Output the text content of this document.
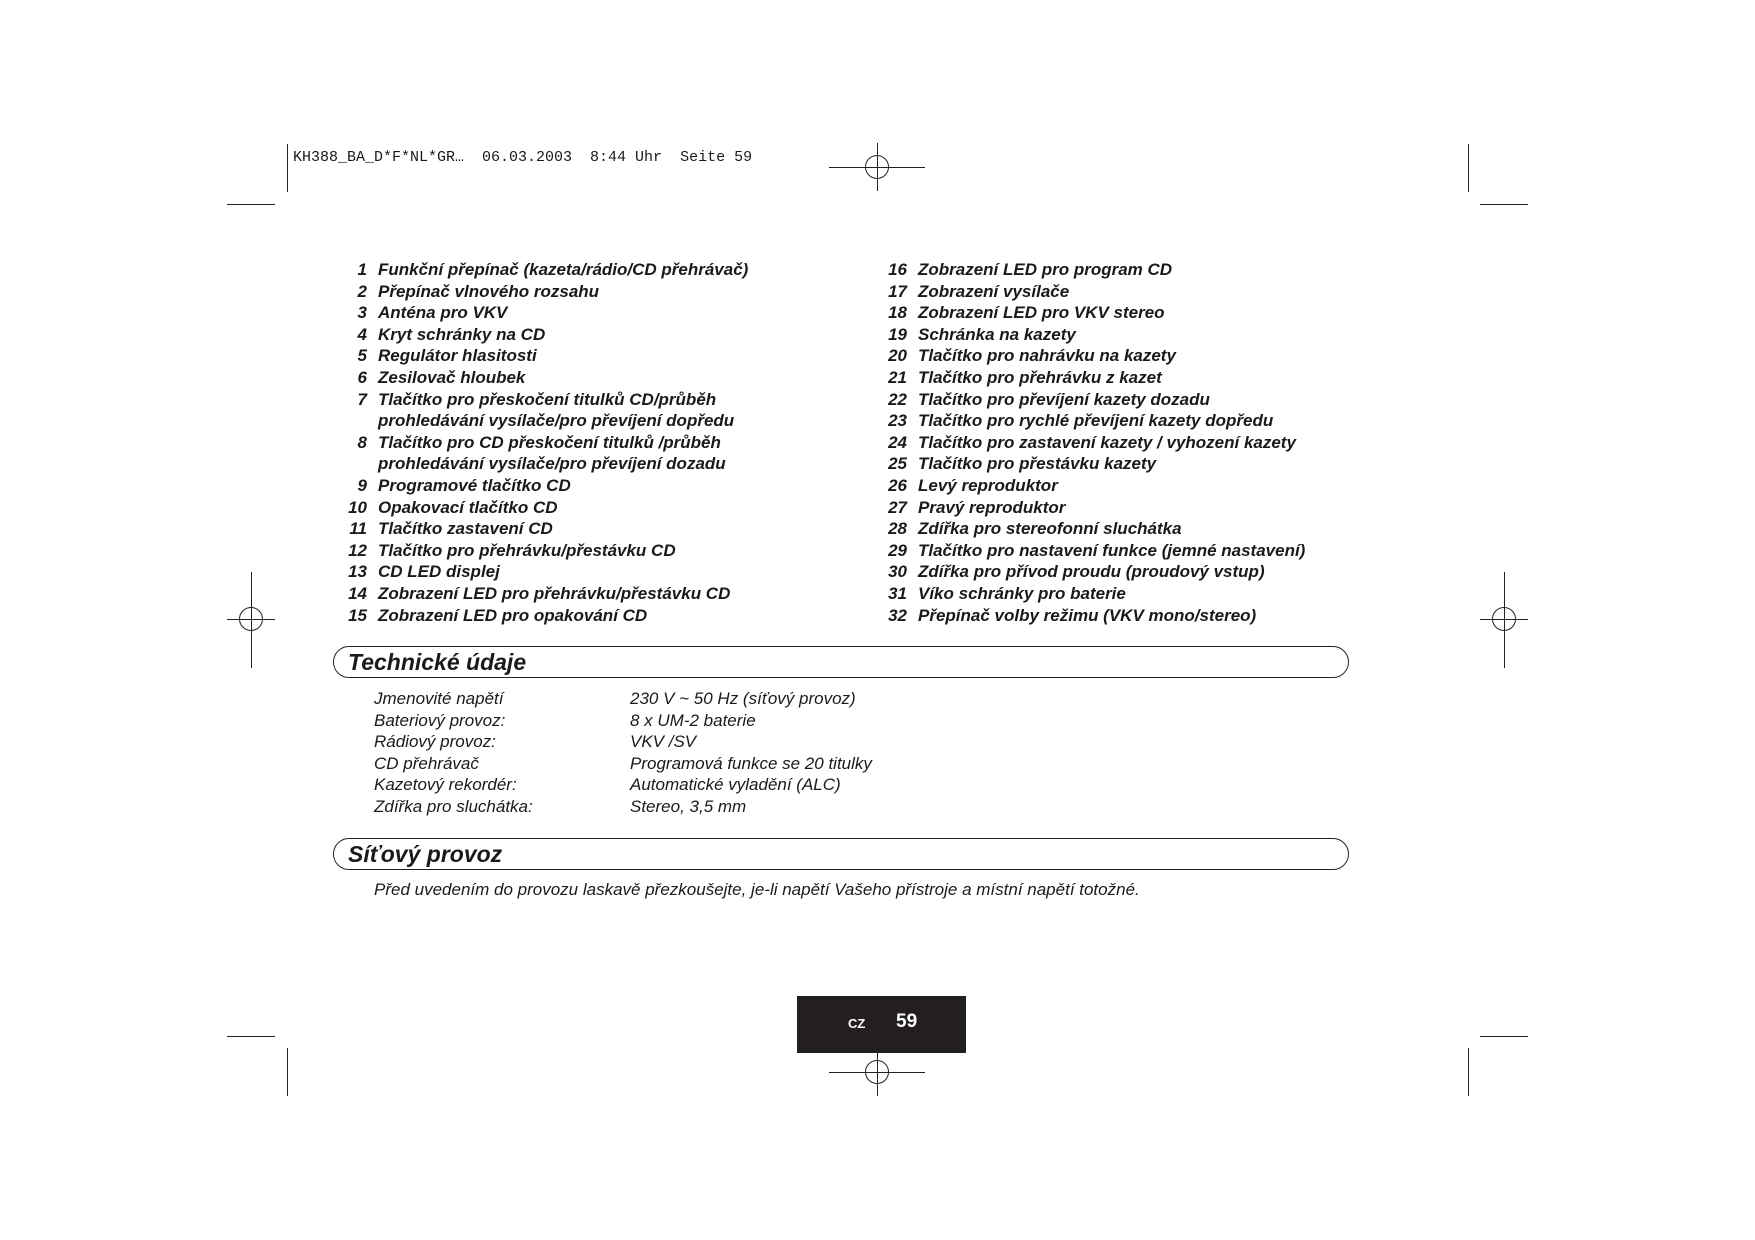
KH388_BA_D*F*NL*GR…  06.03.2003  8:44 Uhr  Seite 59
1 Funkční přepínač (kazeta/rádio/CD přehrávač)
2 Přepínač vlnového rozsahu
3 Anténa pro VKV
4 Kryt schránky na CD
5 Regulátor hlasitosti
6 Zesilovač hloubek
7 Tlačítko pro přeskočení titulků CD/průběh
prohledávání vysílače/pro převíjení dopředu
8 Tlačítko pro CD přeskočení titulků /průběh
prohledávání vysílače/pro převíjení dozadu
9 Programové tlačítko CD
10 Opakovací tlačítko CD
11 Tlačítko zastavení CD
12 Tlačítko pro přehrávku/přestávku CD
13 CD LED displej
14 Zobrazení LED pro přehrávku/přestávku CD
15 Zobrazení LED pro opakování CD
16 Zobrazení LED pro program CD
17 Zobrazení vysílače
18 Zobrazení LED pro VKV stereo
19 Schránka na kazety
20 Tlačítko pro nahrávku na kazety
21 Tlačítko pro přehrávku z kazet
22 Tlačítko pro převíjení kazety dozadu
23 Tlačítko pro rychlé převíjení kazety dopředu
24 Tlačítko pro zastavení kazety / vyhození kazety
25 Tlačítko pro přestávku kazety
26 Levý reproduktor
27 Pravý reproduktor
28 Zdířka pro stereofonní sluchátka
29 Tlačítko pro nastavení funkce (jemné nastavení)
30 Zdířka pro přívod proudu (proudový vstup)
31 Víko schránky pro baterie
32 Přepínač volby režimu (VKV mono/stereo)
Technické údaje
Jmenovité napětí	230 V ~ 50 Hz (síťový provoz)
Bateriový provoz:	8 x UM-2 baterie
Rádiový provoz:	VKV /SV
CD přehrávač	Programová funkce se 20 titulky
Kazetový rekordér:	Automatické vyladění (ALC)
Zdířka pro sluchátka:	Stereo, 3,5 mm
Síťový provoz
Před uvedením do provozu laskavě přezkoušejte, je-li napětí Vašeho přístroje a místní napětí totožné.
CZ 59
